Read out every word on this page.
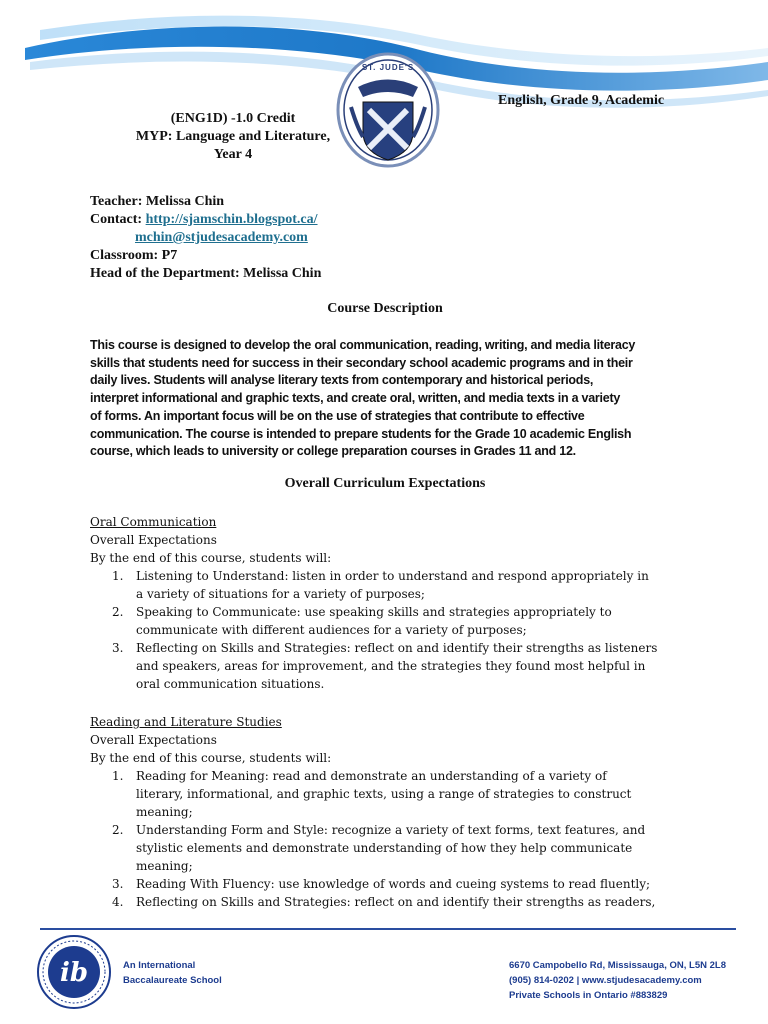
ST. JUDE'S
(ENG1D) -1.0 Credit
MYP: Language and Literature,
Year 4
English, Grade 9, Academic
Teacher: Melissa Chin
Contact: http://sjamschin.blogspot.ca/
mchin@stjudesacademy.com
Classroom: P7
Head of the Department: Melissa Chin
Course Description
This course is designed to develop the oral communication, reading, writing, and media literacy
skills that students need for success in their secondary school academic programs and in their
daily lives. Students will analyse literary texts from contemporary and historical periods,
interpret informational and graphic texts, and create oral, written, and media texts in a variety
of forms. An important focus will be on the use of strategies that contribute to effective
communication. The course is intended to prepare students for the Grade 10 academic English
course, which leads to university or college preparation courses in Grades 11 and 12.
Overall Curriculum Expectations
Oral Communication
Overall Expectations
By the end of this course, students will:
1. Listening to Understand: listen in order to understand and respond appropriately in
a variety of situations for a variety of purposes;
2. Speaking to Communicate: use speaking skills and strategies appropriately to
communicate with different audiences for a variety of purposes;
3. Reflecting on Skills and Strategies: reflect on and identify their strengths as listeners
and speakers, areas for improvement, and the strategies they found most helpful in
oral communication situations.
Reading and Literature Studies
Overall Expectations
By the end of this course, students will:
1. Reading for Meaning: read and demonstrate an understanding of a variety of
literary, informational, and graphic texts, using a range of strategies to construct
meaning;
2. Understanding Form and Style: recognize a variety of text forms, text features, and
stylistic elements and demonstrate understanding of how they help communicate
meaning;
3. Reading With Fluency: use knowledge of words and cueing systems to read fluently;
4. Reflecting on Skills and Strategies: reflect on and identify their strengths as readers,
ib	An International
Baccalaureate School
6670 Campobello Rd, Mississauga, ON, L5N 2L8
(905) 814-0202 | www.stjudesacademy.com
Private Schools in Ontario #883829
